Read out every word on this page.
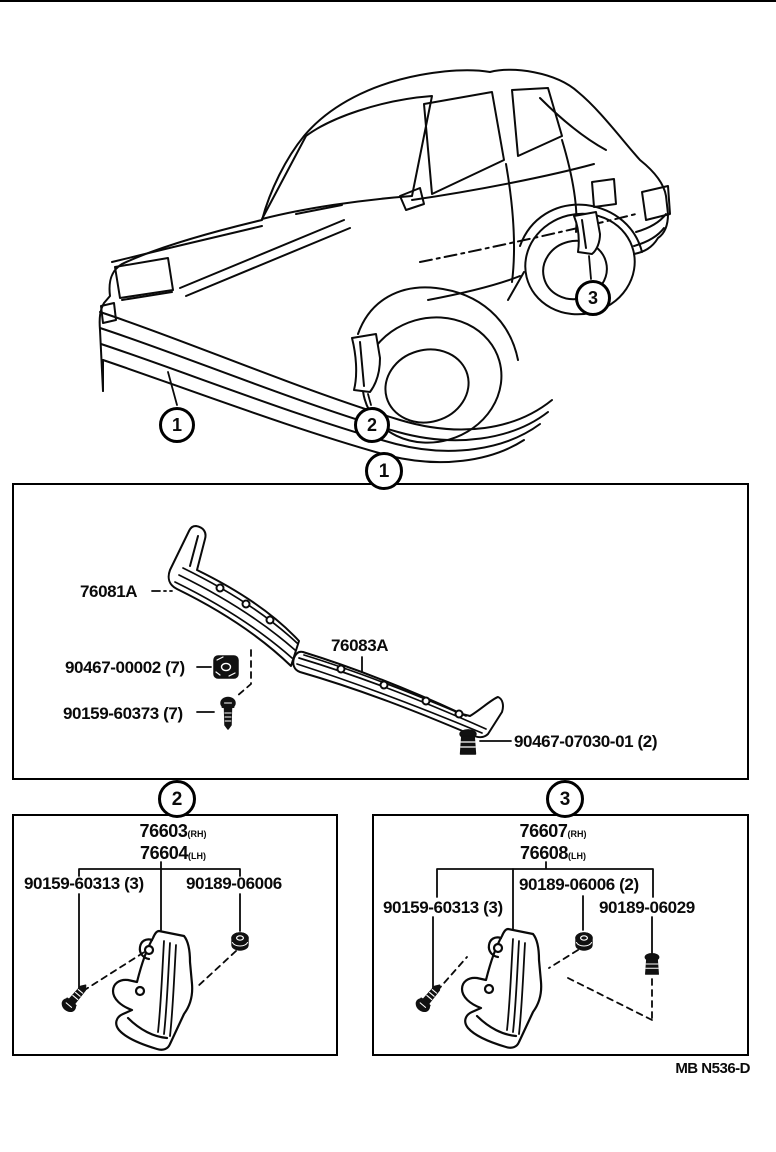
1	2
3
1
2	3
76081A
76083A
90467-00002 (7)
90159-60373 (7)
90467-07030-01 (2)
76603(RH)
76604(LH)
90159-60313 (3) 90189-06006
76607(RH)
76608(LH)
90189-06006 (2)
90159-60313 (3)	90189-06029
MB N536-D
